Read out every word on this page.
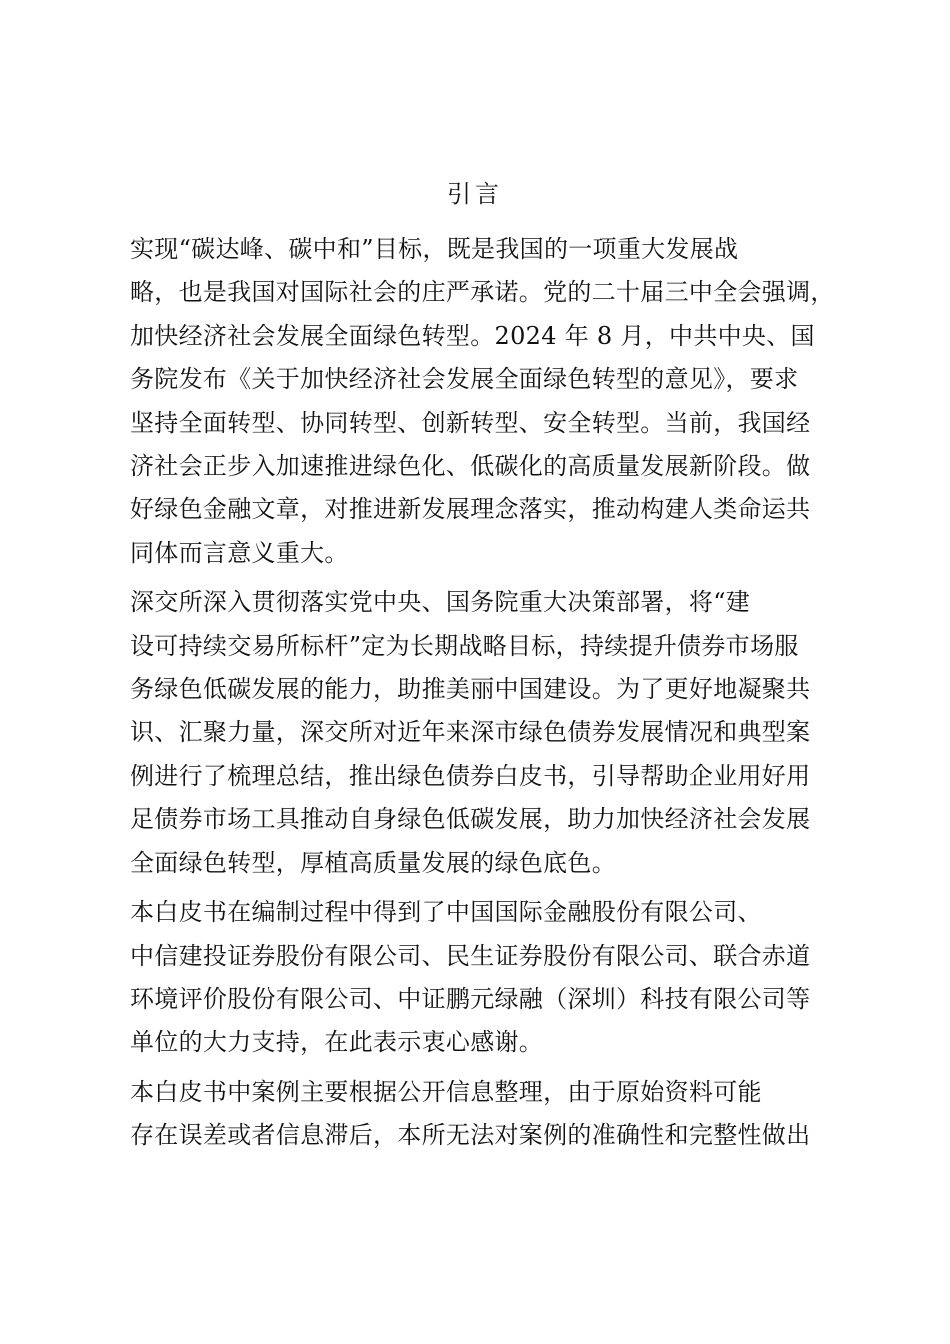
引言

实现“碳达峰、碳中和”目标，既是我国的一项重大发展战
略，也是我国对国际社会的庄严承诺。党的二十届三中全会强调，
加快经济社会发展全面绿色转型。2024 年 8 月，中共中央、国
务院发布《关于加快经济社会发展全面绿色转型的意见》，要求
坚持全面转型、协同转型、创新转型、安全转型。当前，我国经
济社会正步入加速推进绿色化、低碳化的高质量发展新阶段。做
好绿色金融文章，对推进新发展理念落实，推动构建人类命运共
同体而言意义重大。

深交所深入贯彻落实党中央、国务院重大决策部署，将“建
设可持续交易所标杆”定为长期战略目标，持续提升债券市场服
务绿色低碳发展的能力，助推美丽中国建设。为了更好地凝聚共
识、汇聚力量，深交所对近年来深市绿色债券发展情况和典型案
例进行了梳理总结，推出绿色债券白皮书，引导帮助企业用好用
足债券市场工具推动自身绿色低碳发展，助力加快经济社会发展
全面绿色转型，厚植高质量发展的绿色底色。

本白皮书在编制过程中得到了中国国际金融股份有限公司、
中信建投证券股份有限公司、民生证券股份有限公司、联合赤道
环境评价股份有限公司、中证鹏元绿融（深圳）科技有限公司等
单位的大力支持，在此表示衷心感谢。

本白皮书中案例主要根据公开信息整理，由于原始资料可能
存在误差或者信息滞后，本所无法对案例的准确性和完整性做出
